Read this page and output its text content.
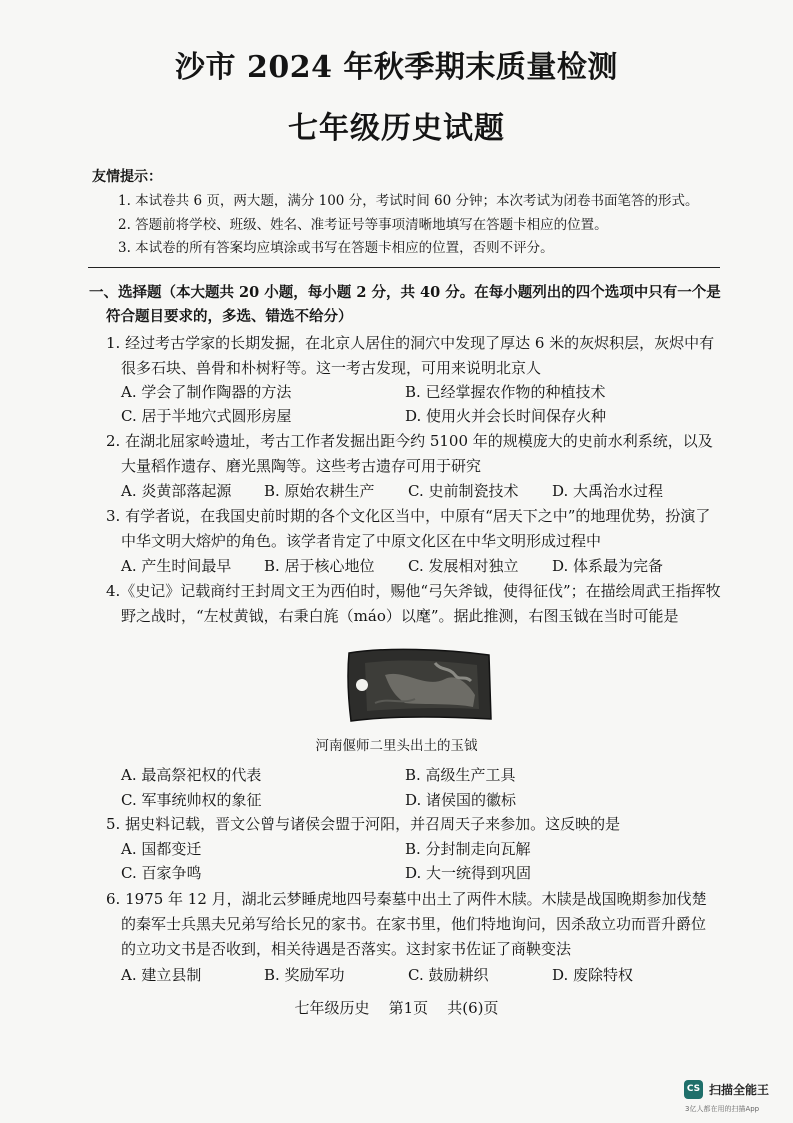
沙市 2024 年秋季期末质量检测
七年级历史试题
友情提示：
1. 本试卷共 6 页，两大题，满分 100 分，考试时间 60 分钟；本次考试为闭卷书面笔答的形式。
2. 答题前将学校、班级、姓名、准考证号等事项清晰地填写在答题卡相应的位置。
3. 本试卷的所有答案均应填涂或书写在答题卡相应的位置，否则不评分。
一、选择题（本大题共 20 小题，每小题 2 分，共 40 分。在每小题列出的四个选项中只有一个是
符合题目要求的，多选、错选不给分）
1. 经过考古学家的长期发掘，在北京人居住的洞穴中发现了厚达 6 米的灰烬积层，灰烬中有
很多石块、兽骨和朴树籽等。这一考古发现，可用来说明北京人
A. 学会了制作陶器的方法	B. 已经掌握农作物的种植技术
C. 居于半地穴式圆形房屋	D. 使用火并会长时间保存火种
2. 在湖北屈家岭遗址，考古工作者发掘出距今约 5100 年的规模庞大的史前水利系统，以及
大量稻作遗存、磨光黑陶等。这些考古遗存可用于研究
A. 炎黄部落起源 B. 原始农耕生产 C. 史前制瓷技术 D. 大禹治水过程
3. 有学者说，在我国史前时期的各个文化区当中，中原有“居天下之中”的地理优势，扮演了
中华文明大熔炉的角色。该学者肯定了中原文化区在中华文明形成过程中
A. 产生时间最早 B. 居于核心地位 C. 发展相对独立 D. 体系最为完备
4.《史记》记载商纣王封周文王为西伯时，赐他“弓矢斧钺，使得征伐”；在描绘周武王指挥牧
野之战时，“左杖黄钺，右秉白旄（máo）以麾”。据此推测，右图玉钺在当时可能是
河南偃师二里头出土的玉钺
A. 最高祭祀权的代表	B. 高级生产工具
C. 军事统帅权的象征	D. 诸侯国的徽标
5. 据史料记载，晋文公曾与诸侯会盟于河阳，并召周天子来参加。这反映的是
A. 国都变迁	B. 分封制走向瓦解
C. 百家争鸣	D. 大一统得到巩固
6. 1975 年 12 月，湖北云梦睡虎地四号秦墓中出土了两件木牍。木牍是战国晚期参加伐楚
的秦军士兵黑夫兄弟写给长兄的家书。在家书里，他们特地询问，因杀敌立功而晋升爵位
的立功文书是否收到，相关待遇是否落实。这封家书佐证了商鞅变法
A. 建立县制	B. 奖励军功	C. 鼓励耕织	D. 废除特权
七年级历史    第1页    共(6)页
CS 扫描全能王
3亿人都在用的扫描App
